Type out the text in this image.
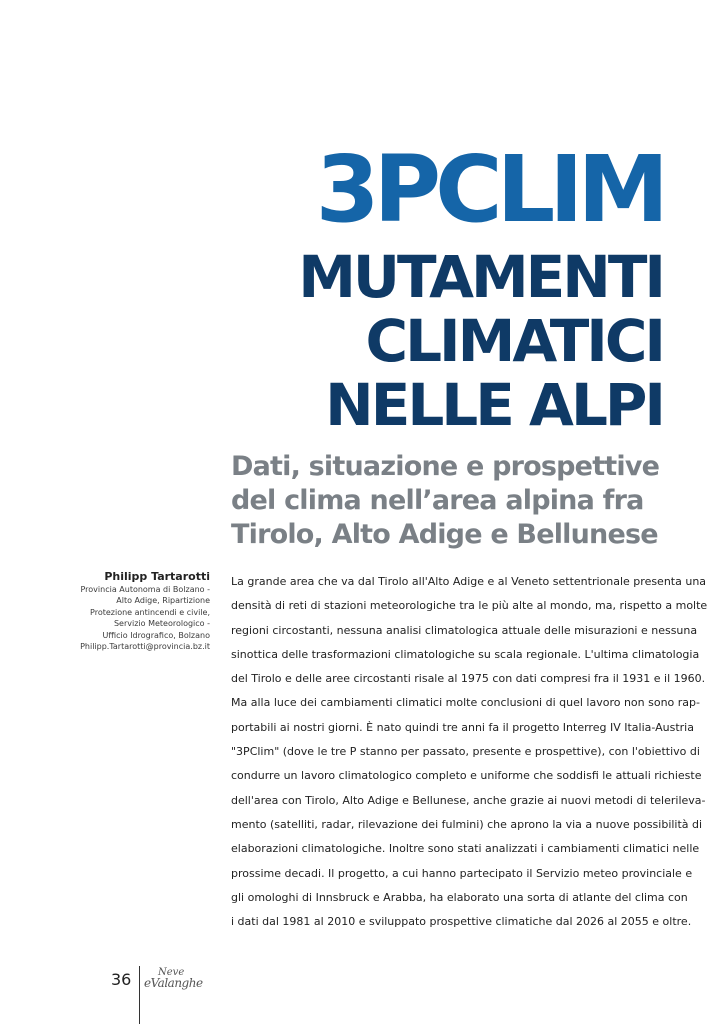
3PCLIM
MUTAMENTI
CLIMATICI
NELLE ALPI
Dati, situazione e prospettive
del clima nell’area alpina fra
Tirolo, Alto Adige e Bellunese
Philipp Tartarotti
Provincia Autonoma di Bolzano -
Alto Adige, Ripartizione
Protezione antincendi e civile,
Servizio Meteorologico -
Ufficio Idrografico, Bolzano
Philipp.Tartarotti@provincia.bz.it
La grande area che va dal Tirolo all'Alto Adige e al Veneto settentrionale presenta una
densità di reti di stazioni meteorologiche tra le più alte al mondo, ma, rispetto a molte
regioni circostanti, nessuna analisi climatologica attuale delle misurazioni e nessuna
sinottica delle trasformazioni climatologiche su scala regionale. L'ultima climatologia
del Tirolo e delle aree circostanti risale al 1975 con dati compresi fra il 1931 e il 1960.
Ma alla luce dei cambiamenti climatici molte conclusioni di quel lavoro non sono rap-
portabili ai nostri giorni. È nato quindi tre anni fa il progetto Interreg IV Italia-Austria
"3PClim" (dove le tre P stanno per passato, presente e prospettive), con l'obiettivo di
condurre un lavoro climatologico completo e uniforme che soddisfi le attuali richieste
dell'area con Tirolo, Alto Adige e Bellunese, anche grazie ai nuovi metodi di telerileva-
mento (satelliti, radar, rilevazione dei fulmini) che aprono la via a nuove possibilità di
elaborazioni climatologiche. Inoltre sono stati analizzati i cambiamenti climatici nelle
prossime decadi. Il progetto, a cui hanno partecipato il Servizio meteo provinciale e
gli omologhi di Innsbruck e Arabba, ha elaborato una sorta di atlante del clima con
i dati dal 1981 al 2010 e sviluppato prospettive climatiche dal 2026 al 2055 e oltre.
36	Neve
eValanghe
